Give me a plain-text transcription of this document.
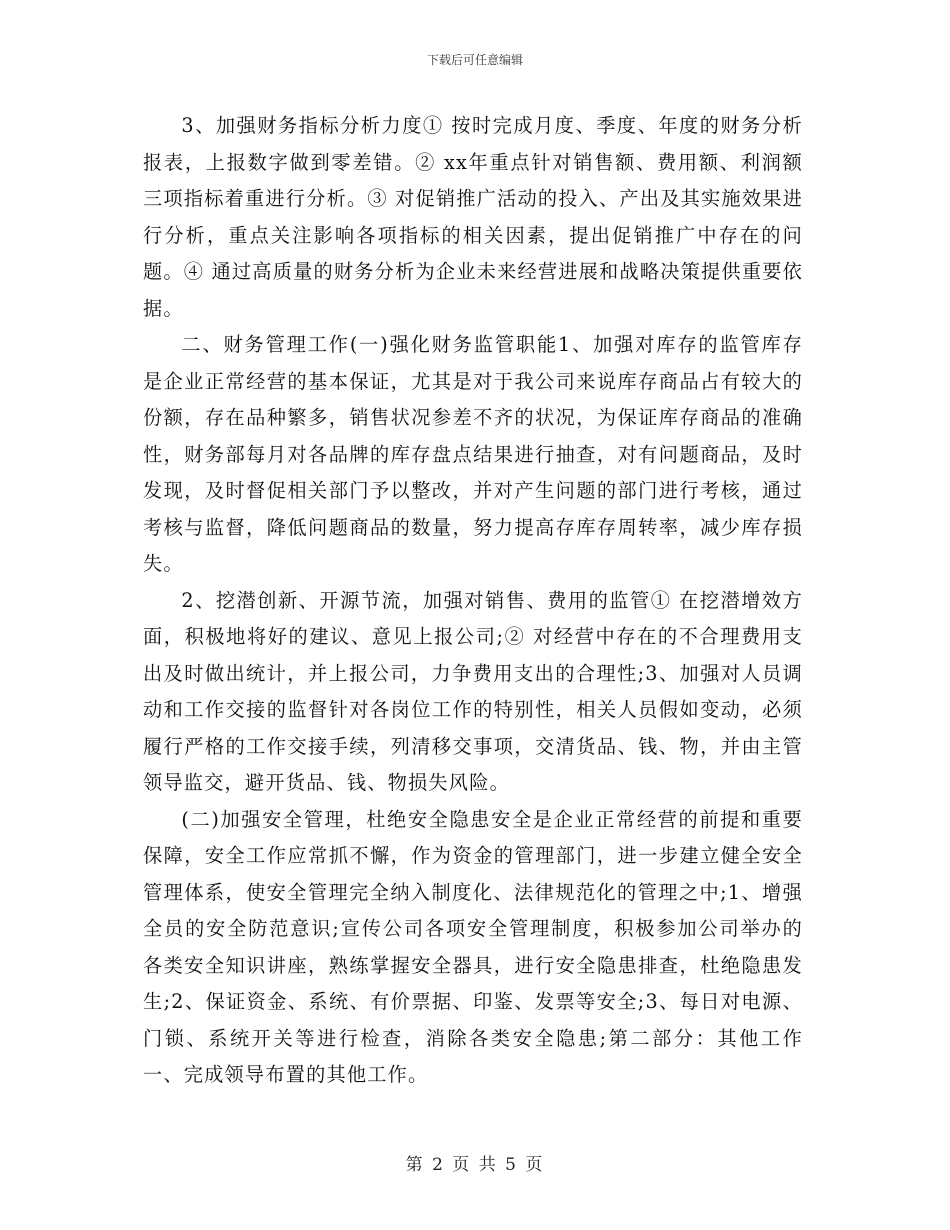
下载后可任意编辑

3、加强财务指标分析力度① 按时完成月度、季度、年度的财务分析报表，上报数字做到零差错。② xx年重点针对销售额、费用额、利润额三项指标着重进行分析。③ 对促销推广活动的投入、产出及其实施效果进行分析，重点关注影响各项指标的相关因素，提出促销推广中存在的问题。④ 通过高质量的财务分析为企业未来经营进展和战略决策提供重要依据。

二、财务管理工作(一)强化财务监管职能1、加强对库存的监管库存是企业正常经营的基本保证，尤其是对于我公司来说库存商品占有较大的份额，存在品种繁多，销售状况参差不齐的状况，为保证库存商品的准确性，财务部每月对各品牌的库存盘点结果进行抽查，对有问题商品，及时发现，及时督促相关部门予以整改，并对产生问题的部门进行考核，通过考核与监督，降低问题商品的数量，努力提高存库存周转率，减少库存损失。

2、挖潜创新、开源节流，加强对销售、费用的监管① 在挖潜增效方面，积极地将好的建议、意见上报公司;② 对经营中存在的不合理费用支出及时做出统计，并上报公司，力争费用支出的合理性;3、加强对人员调动和工作交接的监督针对各岗位工作的特别性，相关人员假如变动，必须履行严格的工作交接手续，列清移交事项，交清货品、钱、物，并由主管领导监交，避开货品、钱、物损失风险。

(二)加强安全管理，杜绝安全隐患安全是企业正常经营的前提和重要保障，安全工作应常抓不懈，作为资金的管理部门，进一步建立健全安全管理体系，使安全管理完全纳入制度化、法律规范化的管理之中;1、增强全员的安全防范意识;宣传公司各项安全管理制度，积极参加公司举办的各类安全知识讲座，熟练掌握安全器具，进行安全隐患排查，杜绝隐患发生;2、保证资金、系统、有价票据、印鉴、发票等安全;3、每日对电源、门锁、系统开关等进行检查，消除各类安全隐患;第二部分：其他工作一、完成领导布置的其他工作。

第 2 页 共 5 页
